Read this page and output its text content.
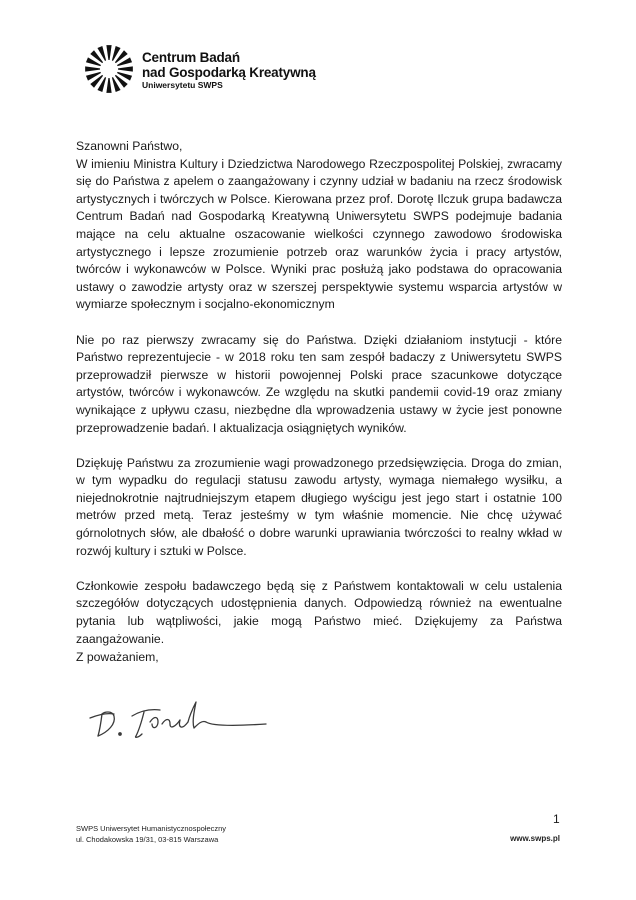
Centrum Badań
nad Gospodarką Kreatywną
Uniwersytetu SWPS

Szanowni Państwo,

W imieniu Ministra Kultury i Dziedzictwa Narodowego Rzeczpospolitej Polskiej, zwracamy się do Państwa z apelem o zaangażowany i czynny udział w badaniu na rzecz środowisk artystycznych i twórczych w Polsce. Kierowana przez prof. Dorotę Ilczuk grupa badawcza Centrum Badań nad Gospodarką Kreatywną Uniwersytetu SWPS podejmuje badania mające na celu aktualne oszacowanie wielkości czynnego zawodowo środowiska artystycznego i lepsze zrozumienie potrzeb oraz warunków życia i pracy artystów, twórców i wykonawców w Polsce. Wyniki prac posłużą jako podstawa do opracowania ustawy o zawodzie artysty oraz w szerszej perspektywie systemu wsparcia artystów w wymiarze społecznym i socjalno-ekonomicznym

Nie po raz pierwszy zwracamy się do Państwa. Dzięki działaniom instytucji - które Państwo reprezentujecie - w 2018 roku ten sam zespół badaczy z Uniwersytetu SWPS przeprowadził pierwsze w historii powojennej Polski prace szacunkowe dotyczące artystów, twórców i wykonawców. Ze względu na skutki pandemii covid-19 oraz zmiany wynikające z upływu czasu, niezbędne dla wprowadzenia ustawy w życie jest ponowne przeprowadzenie badań. I aktualizacja osiągniętych wyników.

Dziękuję Państwu za zrozumienie wagi prowadzonego przedsięwzięcia. Droga do zmian, w tym wypadku do regulacji statusu zawodu artysty, wymaga niemałego wysiłku, a niejednokrotnie najtrudniejszym etapem długiego wyścigu jest jego start i ostatnie 100 metrów przed metą. Teraz jesteśmy w tym właśnie momencie. Nie chcę używać górnolotnych słów, ale dbałość o dobre warunki uprawiania twórczości to realny wkład w rozwój kultury i sztuki w Polsce.

Członkowie zespołu badawczego będą się z Państwem kontaktowali w celu ustalenia szczegółów dotyczących udostępnienia danych. Odpowiedzą również na ewentualne pytania lub wątpliwości, jakie mogą Państwo mieć. Dziękujemy za Państwa zaangażowanie.

Z poważaniem,
1
SWPS Uniwersytet Humanistycznospołeczny
ul. Chodakowska 19/31, 03-815 Warszawa	www.swps.pl
